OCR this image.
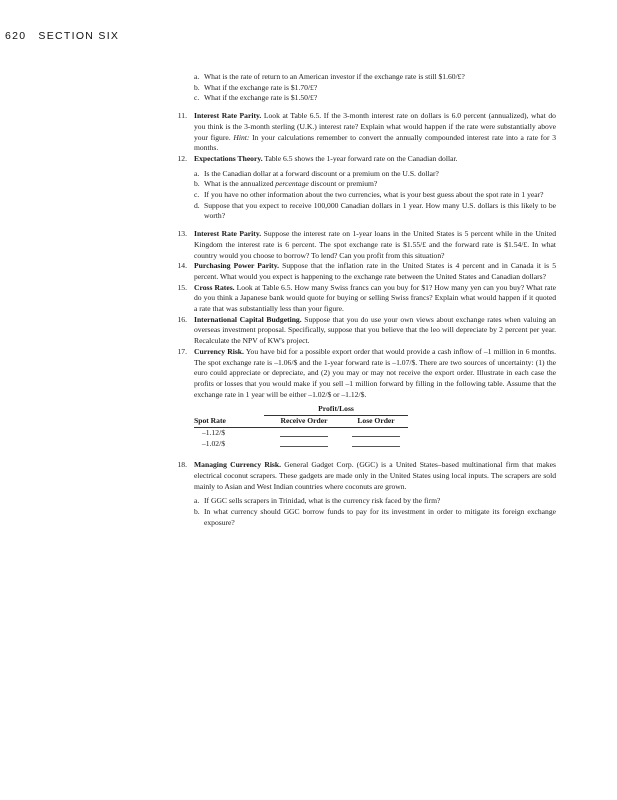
620 SECTION SIX
a. What is the rate of return to an American investor if the exchange rate is still $1.60/£?
b. What if the exchange rate is $1.70/£?
c. What if the exchange rate is $1.50/£?
11. Interest Rate Parity. Look at Table 6.5. If the 3-month interest rate on dollars is 6.0 percent (annualized), what do you think is the 3-month sterling (U.K.) interest rate? Explain what would happen if the rate were substantially above your figure. Hint: In your calculations remember to convert the annually compounded interest rate into a rate for 3 months.
12. Expectations Theory. Table 6.5 shows the 1-year forward rate on the Canadian dollar.
a. Is the Canadian dollar at a forward discount or a premium on the U.S. dollar?
b. What is the annualized percentage discount or premium?
c. If you have no other information about the two currencies, what is your best guess about the spot rate in 1 year?
d. Suppose that you expect to receive 100,000 Canadian dollars in 1 year. How many U.S. dollars is this likely to be worth?
13. Interest Rate Parity. Suppose the interest rate on 1-year loans in the United States is 5 percent while in the United Kingdom the interest rate is 6 percent. The spot exchange rate is $1.55/£ and the forward rate is $1.54/£. In what country would you choose to borrow? To lend? Can you profit from this situation?
14. Purchasing Power Parity. Suppose that the inflation rate in the United States is 4 percent and in Canada it is 5 percent. What would you expect is happening to the exchange rate between the United States and Canadian dollars?
15. Cross Rates. Look at Table 6.5. How many Swiss francs can you buy for $1? How many yen can you buy? What rate do you think a Japanese bank would quote for buying or selling Swiss francs? Explain what would happen if it quoted a rate that was substantially less than your figure.
16. International Capital Budgeting. Suppose that you do use your own views about exchange rates when valuing an overseas investment proposal. Specifically, suppose that you believe that the leo will depreciate by 2 percent per year. Recalculate the NPV of KW's project.
17. Currency Risk. You have bid for a possible export order that would provide a cash inflow of –1 million in 6 months. The spot exchange rate is –1.06/$ and the 1-year forward rate is –1.07/$. There are two sources of uncertainty: (1) the euro could appreciate or depreciate, and (2) you may or may not receive the export order. Illustrate in each case the profits or losses that you would make if you sell –1 million forward by filling in the following table. Assume that the exchange rate in 1 year will be either –1.02/$ or –1.12/$.
	Profit/Loss	
Spot Rate	Receive Order	Lose Order
–1.12/$		
–1.02/$		
18. Managing Currency Risk. General Gadget Corp. (GGC) is a United States–based multinational firm that makes electrical coconut scrapers. These gadgets are made only in the United States using local inputs. The scrapers are sold mainly to Asian and West Indian countries where coconuts are grown.
a. If GGC sells scrapers in Trinidad, what is the currency risk faced by the firm?
b. In what currency should GGC borrow funds to pay for its investment in order to mitigate its foreign exchange exposure?
